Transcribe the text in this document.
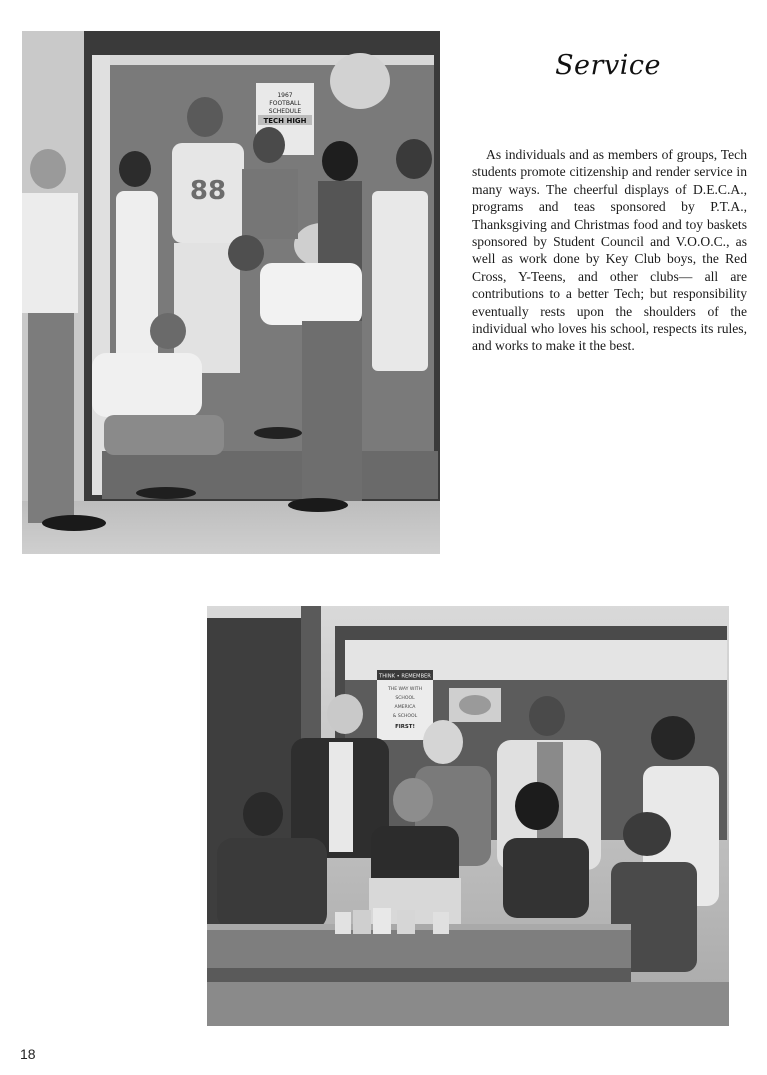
1967
FOOTBALL
SCHEDULE
TECH HIGH
88
Service

As individuals and as members of groups, Tech students promote citizenship and render service in many ways. The cheerful displays of D.E.C.A., programs and teas sponsored by P.T.A., Thanksgiving and Christmas food and toy baskets sponsored by Student Council and V.O.O.C., as well as work done by Key Club boys, the Red Cross, Y-Teens, and other clubs— all are contributions to a better Tech; but responsibility eventually rests upon the shoulders of the individual who loves his school, respects its rules, and works to make it the best.

THINK • REMEMBER
THE WAY WITH
SCHOOL
AMERICA
& SCHOOL
FIRST!
18
